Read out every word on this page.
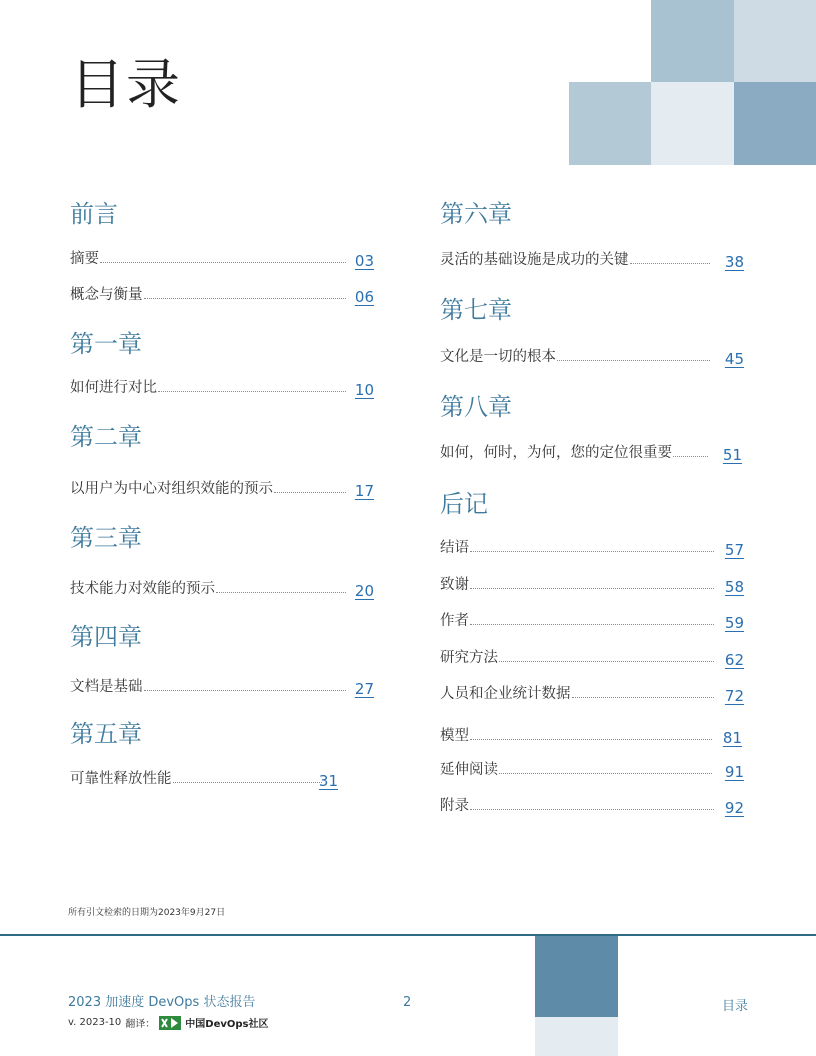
目录
前言
摘要	03
概念与衡量	06
第一章
如何进行对比	10
第二章
以用户为中心对组织效能的预示	17
第三章
技术能力对效能的预示	20
第四章
文档是基础	27
第五章
可靠性释放性能	31
第六章
灵活的基础设施是成功的关键	38
第七章
文化是一切的根本	45
第八章
如何，何时，为何，您的定位很重要	51
后记
结语	57
致谢	58
作者	59
研究方法	62
人员和企业统计数据	72
模型	81
延伸阅读	91
附录	92
所有引文检索的日期为2023年9月27日
2023 加速度 DevOps 状态报告
v. 2023-10 翻译：	中国DevOps社区
2	目录
